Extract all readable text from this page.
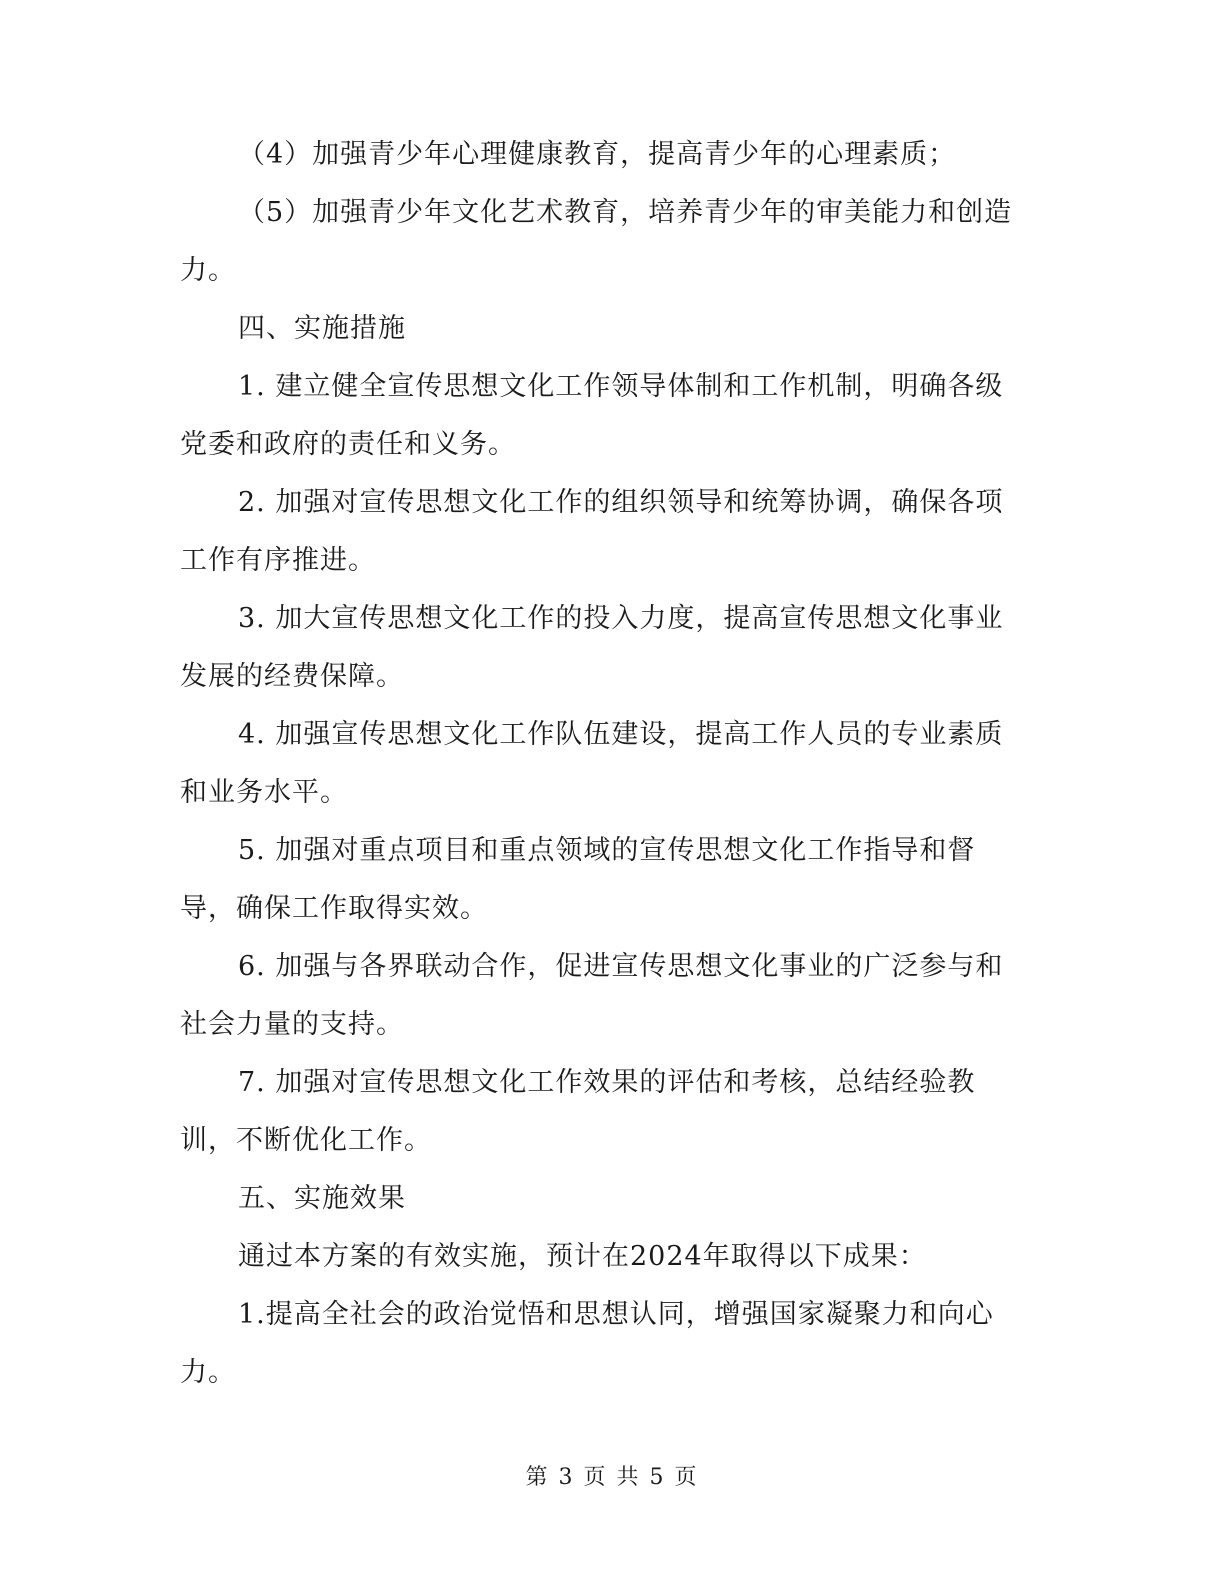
（4）加强青少年心理健康教育，提高青少年的心理素质；

（5）加强青少年文化艺术教育，培养青少年的审美能力和创造力。

四、实施措施

1. 建立健全宣传思想文化工作领导体制和工作机制，明确各级党委和政府的责任和义务。

2. 加强对宣传思想文化工作的组织领导和统筹协调，确保各项工作有序推进。

3. 加大宣传思想文化工作的投入力度，提高宣传思想文化事业发展的经费保障。

4. 加强宣传思想文化工作队伍建设，提高工作人员的专业素质和业务水平。

5. 加强对重点项目和重点领域的宣传思想文化工作指导和督导，确保工作取得实效。

6. 加强与各界联动合作，促进宣传思想文化事业的广泛参与和社会力量的支持。

7. 加强对宣传思想文化工作效果的评估和考核，总结经验教训，不断优化工作。

五、实施效果

通过本方案的有效实施，预计在2024年取得以下成果：

1.提高全社会的政治觉悟和思想认同，增强国家凝聚力和向心力。

第 3 页 共 5 页
